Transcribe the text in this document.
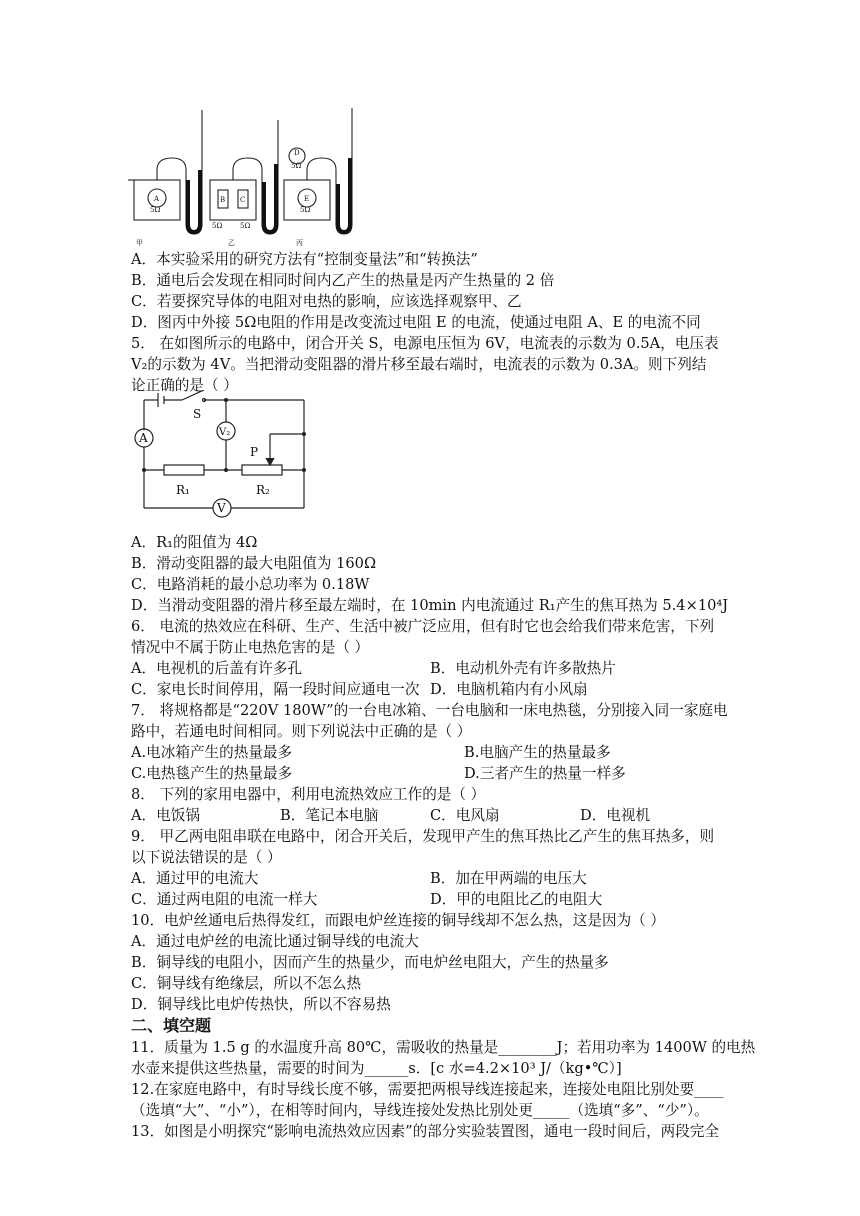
A
5Ω
B C
5Ω	5Ω
D
5Ω
E
5Ω
甲	乙	丙
A．本实验采用的研究方法有“控制变量法”和“转换法”
B．通电后会发现在相同时间内乙产生的热量是丙产生热量的 2 倍
C．若要探究导体的电阻对电热的影响，应该选择观察甲、乙
D．图丙中外接 5Ω电阻的作用是改变流过电阻 E 的电流，使通过电阻 A、E 的电流不同
5． 在如图所示的电路中，闭合开关 S，电源电压恒为 6V，电流表的示数为 0.5A，电压表
V₂的示数为 4V。当把滑动变阻器的滑片移至最右端时，电流表的示数为 0.3A。则下列结
论正确的是（ ）
S
A	V₂
P
R₁	R₂
V
A．R₁的阻值为 4Ω
B．滑动变阻器的最大电阻值为 160Ω
C．电路消耗的最小总功率为 0.18W
D．当滑动变阻器的滑片移至最左端时，在 10min 内电流通过 R₁产生的焦耳热为 5.4×10⁴J
6． 电流的热效应在科研、生产、生活中被广泛应用，但有时它也会给我们带来危害，下列
情况中不属于防止电热危害的是（ ）
A．电视机的后盖有许多孔	B．电动机外壳有许多散热片
C．家电长时间停用，隔一段时间应通电一次 D．电脑机箱内有小风扇
7． 将规格都是“220V 180W”的一台电冰箱、一台电脑和一床电热毯，分别接入同一家庭电
路中，若通电时间相同。则下列说法中正确的是（ ）
A.电冰箱产生的热量最多	B.电脑产生的热量最多
C.电热毯产生的热量最多	D.三者产生的热量一样多
8． 下列的家用电器中，利用电流热效应工作的是（ ）
A．电饭锅	B．笔记本电脑	C．电风扇	D．电视机
9． 甲乙两电阻串联在电路中，闭合开关后，发现甲产生的焦耳热比乙产生的焦耳热多，则
以下说法错误的是（ ）
A．通过甲的电流大	B．加在甲两端的电压大
C．通过两电阻的电流一样大	D．甲的电阻比乙的电阻大
10．电炉丝通电后热得发红，而跟电炉丝连接的铜导线却不怎么热，这是因为（ ）
A．通过电炉丝的电流比通过铜导线的电流大
B．铜导线的电阻小，因而产生的热量少，而电炉丝电阻大，产生的热量多
C．铜导线有绝缘层，所以不怎么热
D．铜导线比电炉传热快，所以不容易热
二、填空题
11．质量为 1.5 g 的水温度升高 80℃，需吸收的热量是________J；若用功率为 1400W 的电热
水壶来提供这些热量，需要的时间为______s．[c 水=4.2×10³ J/（kg•℃）]
12.在家庭电路中，有时导线长度不够，需要把两根导线连接起来，连接处电阻比别处要____
（选填“大”、“小”），在相等时间内，导线连接处发热比别处更_____（选填“多”、“少”）。
13．如图是小明探究“影响电流热效应因素”的部分实验装置图，通电一段时间后，两段完全
